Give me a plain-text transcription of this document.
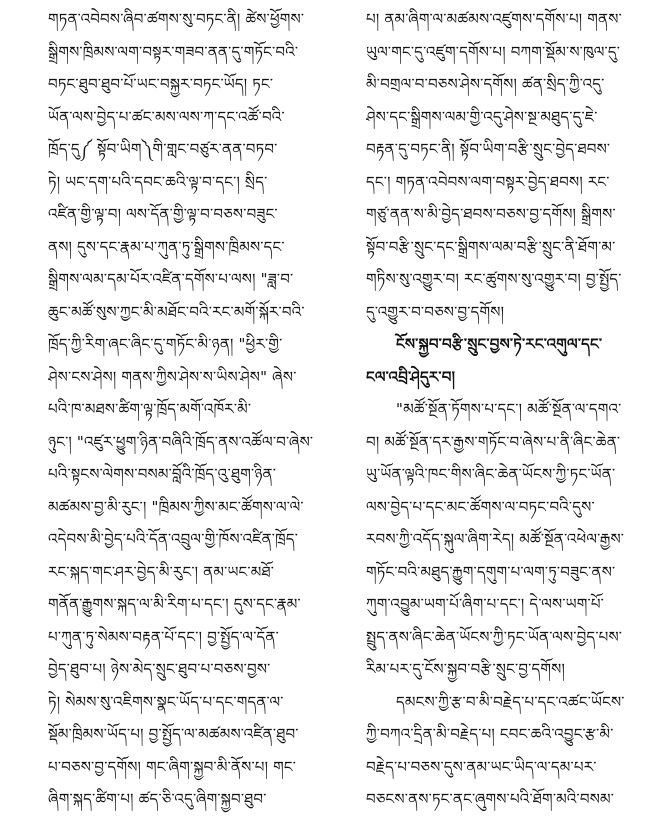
གཏན་འབེབས་ཞིབ་ཚགས་སུ་བཏང་ནི། ཚེས་ཕྱོགས་

སྒྲིགས་ཁྲིམས་ལག་བསྟར་གཟབ་ནན་དུ་གཏོང་བའི་

བཏང་ཐུབ་ཐུབ་པོ་ཡང་བསྐྱར་བཏང་ཡོད། ཏང་

ཡོན་ལས་བྱེད་པ་ཚང་མས་ལས་ཀ་དང་འཚོ་བའི་

ཁྲོད་དུ༼ སྟོབ་ཡིག༽གི་གླང་བཙུར་ནན་བཏབ་

ཏེ། ཡང་དག་པའི་དབང་ཆའི་ལྟ་བ་དང་། སྲིད་

འཛིན་གྱི་ལྟ་བ། ལས་དོན་གྱི་ལྟ་བ་བཅས་བཟུང་

ནས། དུས་དང་རྣམ་པ་ཀུན་ཏུ་སྒྲིགས་ཁྲིམས་དང་

སྒྲིགས་ལམ་དམ་པོར་འཛིན་དགོས་པ་ལས། "ཟླ་བ་

ཆུང་མཚོ་སུས་ཀྱང་མི་མཐོང་བའི་རང་མགོ་སྐོར་བའི་

ཁྲོད་ཀྱི་རིག་ཞང་ཞིང་དུ་གཏོང་མི་ཉན། "ཕྱིར་གྱི་

ཤེས་ངས་ཤེས། གནས་ཀྱིས་ཤེས་ས་ཡིས་ཤེས" ཞེས་

པའི་ཁ་མཐས་ཚིག་ལྟ་ཁྲོད་མགོ་འཁོར་མི་

ཉུང་། "འཛུར་ཕྱུག་ཉིན་བཞིའི་ཁྲོད་ནས་འཚོལ་བ་ཞེས་

པའི་སྟངས་ལེགས་བསམ་བློའི་ཁྲོད་འུ་ཐུག་ཉིན་

མཚམས་བྱ་མི་རུང་། "ཁྲིམས་ཀྱིས་མང་ཚོགས་ལ་ལེ་

འདེབས་མི་བྱེད་པའི་དོན་འབྲུལ་གྱི་ཁོས་འཛིན་ཁྲོད་

རང་སྐད་གང་ཤར་བྱེད་མི་རུང་། ནམ་ཡང་མཐོ་

གནོན་རྒྱུགས་སྐད་ལ་མི་རིག་པ་དང་། དུས་དང་རྣམ་

པ་ཀུན་ཏུ་སེམས་བརྟན་པོ་དང་། བྱ་སྤྱོད་ལ་དོན་

བྱེད་ཐུབ་པ། ཉེས་མེད་སྲུང་ཐུབ་པ་བཅས་བྱས་

ཏེ། སེམས་སུ་འཇིགས་སྣང་ཡོད་པ་དང་གདན་ལ་

སྡོམ་ཁྲིམས་ཡོད་པ། བྱ་སྤྱོད་ལ་མཚམས་འཛིན་ཐུབ་

པ་བཅས་བྱ་དགོས། གང་ཞིག་སྐྱབ་མི་ནོས་པ། གང་

ཞིག་སྐད་ཚིག་པ། ཚད་ཅི་འདུ་ཞིག་སྐྱབ་ཐུབ་

པ། ནམ་ཞིག་ལ་མཚམས་འཛུགས་དགོས་པ། གནས་

ཡུལ་གང་དུ་འཛུག་དགོས་པ། བཀག་སྡོམ་ས་ཁུལ་དུ་

མི་བགྲལ་བ་བཅས་ཤེས་དགོས། ཚན་སྲིད་ཀྱི་འདུ་

ཤེས་དང་སྒྲིགས་ལམ་གྱི་འདུ་ཤེས་སྔ་མཐུད་དུ་ཇེ་

བརྟན་དུ་བཏང་ནི། སྟོབ་ཡིག་བརྩི་སྲུང་བྱེད་ཐབས་

དང་། གཏན་འབེབས་ལག་བསྟར་བྱེད་ཐབས། རང་

གཙུ་ནན་ས་མི་བྱེད་ཐབས་བཅས་བྱ་དགོས། སྒྲིགས་

སྟོབ་བརྩི་སྲུང་དང་སྒྲིགས་ལམ་བརྩི་སྲུང་ནི་ཐོག་མ་

གཏིས་སུ་འགྱུར་བ། རང་ཚུགས་སུ་འགྱུར་བ། བྱ་སྤྱོད་

དུ་འགྱུར་བ་བཅས་བྱ་དགོས།

ངོས་སྐྱབ་བརྩི་སྲུང་བྱས་ཏེ་རང་འགུལ་དང་

ངལ་འབྲི་ཤེདུར་བ།

"མཚོ་སྔོན་ཏོགས་པ་དང་། མཚོ་སྔོན་ལ་དགའ་

བ། མཚོ་སྔོན་དར་རྒྱས་གཏོང་བ་ཞེས་པ་ནི་ཞིང་ཆེན་

ཡུ་ཡོན་ལྟའི་ཁང་གིས་ཞིང་ཆེན་ཡོངས་ཀྱི་ཏང་ཡོན་

ལས་བྱེད་པ་དང་མང་ཚོགས་ལ་བཏང་བའི་དུས་

རབས་ཀྱི་འདོད་སྐུལ་ཞིག་རེད། མཚོ་སྔོན་འཕེལ་རྒྱས་

གཏོང་བའི་མཐུད་རྐྱུག་དགུག་པ་ལག་ཏུ་བཟུང་ནས་

ཀུག་འབྱུམ་ཡག་པོ་ཞིག་པ་དང་། དེ་ལས་ཡག་པོ་

སྤྲུད་ནས་ཞིང་ཆེན་ཡོངས་ཀྱི་ཏང་ཡོན་ལས་བྱེད་པས་

རིམ་པར་དུ་ངོས་སྐྱབ་བརྩི་སྲུང་བྱ་དགོས།

དམངས་ཀྱི་རྩ་བ་མི་བརྗེད་པ་དང་འཚང་ཡོངས་

ཀྱི་བཀའ་དྲིན་མི་བརྗེད་པ། ངབང་ཆའི་འབྱུང་རྩ་མི་

བརྗེད་པ་བཅས་དུས་ནམ་ཡང་ཡིད་ལ་དམ་པར་

བཅངས་ནས་ཏང་ནང་ཞུགས་པའི་ཐོག་མའི་བསམ་
